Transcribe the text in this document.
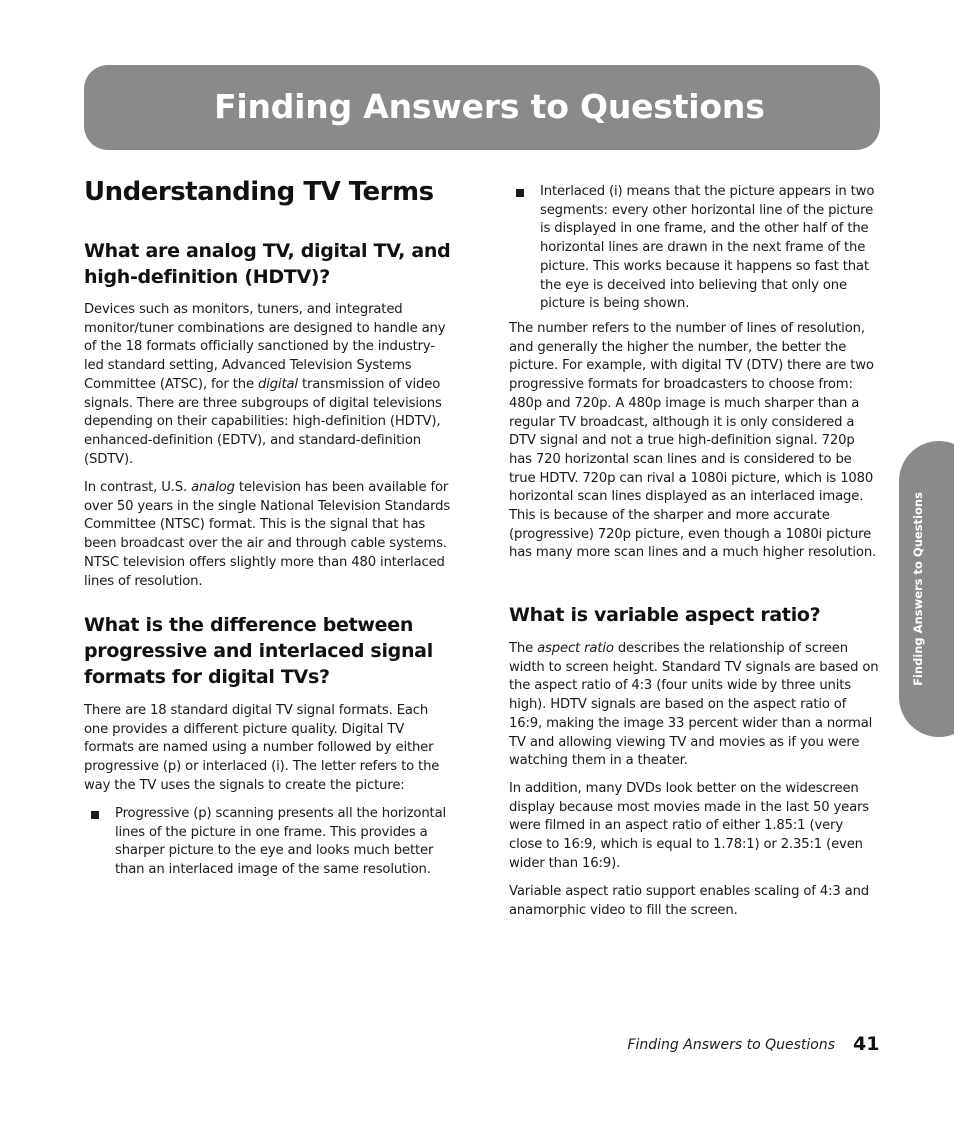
Finding Answers to Questions
Finding Answers to Questions
Understanding TV Terms
What are analog TV, digital TV, and high-definition (HDTV)?

Devices such as monitors, tuners, and integrated monitor/tuner combinations are designed to handle any of the 18 formats officially sanctioned by the industry-led standard setting, Advanced Television Systems Committee (ATSC), for the digital transmission of video signals. There are three subgroups of digital televisions depending on their capabilities: high-definition (HDTV), enhanced-definition (EDTV), and standard-definition (SDTV).

In contrast, U.S. analog television has been available for over 50 years in the single National Television Standards Committee (NTSC) format. This is the signal that has been broadcast over the air and through cable systems. NTSC television offers slightly more than 480 interlaced lines of resolution.

What is the difference between progressive and interlaced signal formats for digital TVs?

There are 18 standard digital TV signal formats. Each one provides a different picture quality. Digital TV formats are named using a number followed by either progressive (p) or interlaced (i). The letter refers to the way the TV uses the signals to create the picture:

Progressive (p) scanning presents all the horizontal lines of the picture in one frame. This provides a sharper picture to the eye and looks much better than an interlaced image of the same resolution.

Interlaced (i) means that the picture appears in two segments: every other horizontal line of the picture is displayed in one frame, and the other half of the horizontal lines are drawn in the next frame of the picture. This works because it happens so fast that the eye is deceived into believing that only one picture is being shown.

The number refers to the number of lines of resolution, and generally the higher the number, the better the picture. For example, with digital TV (DTV) there are two progressive formats for broadcasters to choose from: 480p and 720p. A 480p image is much sharper than a regular TV broadcast, although it is only considered a DTV signal and not a true high-definition signal. 720p has 720 horizontal scan lines and is considered to be true HDTV. 720p can rival a 1080i picture, which is 1080 horizontal scan lines displayed as an interlaced image. This is because of the sharper and more accurate (progressive) 720p picture, even though a 1080i picture has many more scan lines and a much higher resolution.

What is variable aspect ratio?

The aspect ratio describes the relationship of screen width to screen height. Standard TV signals are based on the aspect ratio of 4:3 (four units wide by three units high). HDTV signals are based on the aspect ratio of 16:9, making the image 33 percent wider than a normal TV and allowing viewing TV and movies as if you were watching them in a theater.

In addition, many DVDs look better on the widescreen display because most movies made in the last 50 years were filmed in an aspect ratio of either 1.85:1 (very close to 16:9, which is equal to 1.78:1) or 2.35:1 (even wider than 16:9).

Variable aspect ratio support enables scaling of 4:3 and anamorphic video to fill the screen.

Finding Answers to Questions 41
